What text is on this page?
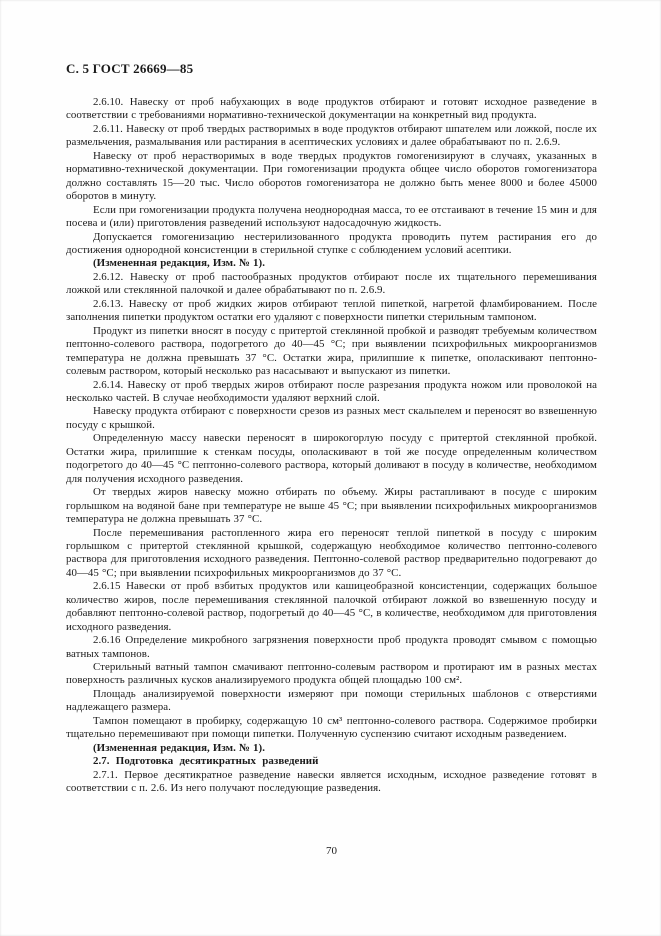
С. 5 ГОСТ 26669—85

2.6.10. Навеску от проб набухающих в воде продуктов отбирают и готовят исходное разведение в соответствии с требованиями нормативно-технической документации на конкретный вид продукта.

2.6.11. Навеску от проб твердых растворимых в воде продуктов отбирают шпателем или ложкой, после их размельчения, размалывания или растирания в асептических условиях и далее обрабатывают по п. 2.6.9.

Навеску от проб нерастворимых в воде твердых продуктов гомогенизируют в случаях, указанных в нормативно-технической документации. При гомогенизации продукта общее число оборотов гомогенизатора должно составлять 15—20 тыс. Число оборотов гомогенизатора не должно быть менее 8000 и более 45000 оборотов в минуту.

Если при гомогенизации продукта получена неоднородная масса, то ее отстаивают в течение 15 мин и для посева и (или) приготовления разведений используют надосадочную жидкость.

Допускается гомогенизацию нестерилизованного продукта проводить путем растирания его до достижения однородной консистенции в стерильной ступке с соблюдением условий асептики.

(Измененная редакция, Изм. № 1).

2.6.12. Навеску от проб пастообразных продуктов отбирают после их тщательного перемешивания ложкой или стеклянной палочкой и далее обрабатывают по п. 2.6.9.

2.6.13. Навеску от проб жидких жиров отбирают теплой пипеткой, нагретой фламбированием. После заполнения пипетки продуктом остатки его удаляют с поверхности пипетки стерильным тампоном.

Продукт из пипетки вносят в посуду с притертой стеклянной пробкой и разводят требуемым количеством пептонно-солевого раствора, подогретого до 40—45 °С; при выявлении психрофильных микроорганизмов температура не должна превышать 37 °С. Остатки жира, прилипшие к пипетке, ополаскивают пептонно-солевым раствором, который несколько раз насасывают и выпускают из пипетки.

2.6.14. Навеску от проб твердых жиров отбирают после разрезания продукта ножом или проволокой на несколько частей. В случае необходимости удаляют верхний слой.

Навеску продукта отбирают с поверхности срезов из разных мест скальпелем и переносят во взвешенную посуду с крышкой.

Определенную массу навески переносят в широкогорлую посуду с притертой стеклянной пробкой. Остатки жира, прилипшие к стенкам посуды, ополаскивают в той же посуде определенным количеством подогретого до 40—45 °С пептонно-солевого раствора, который доливают в посуду в количестве, необходимом для получения исходного разведения.

От твердых жиров навеску можно отбирать по объему. Жиры растапливают в посуде с широким горлышком на водяной бане при температуре не выше 45 °С; при выявлении психрофильных микроорганизмов температура не должна превышать 37 °С.

После перемешивания растопленного жира его переносят теплой пипеткой в посуду с широким горлышком с притертой стеклянной крышкой, содержащую необходимое количество пептонно-солевого раствора для приготовления исходного разведения. Пептонно-солевой раствор предварительно подогревают до 40—45 °С; при выявлении психрофильных микроорганизмов до 37 °С.

2.6.15 Навески от проб взбитых продуктов или кашицеобразной консистенции, содержащих большое количество жиров, после перемешивания стеклянной палочкой отбирают ложкой во взвешенную посуду и добавляют пептонно-солевой раствор, подогретый до 40—45 °С, в количестве, необходимом для приготовления исходного разведения.

2.6.16 Определение микробного загрязнения поверхности проб продукта проводят смывом с помощью ватных тампонов.

Стерильный ватный тампон смачивают пептонно-солевым раствором и протирают им в разных местах поверхность различных кусков анализируемого продукта общей площадью 100 см².

Площадь анализируемой поверхности измеряют при помощи стерильных шаблонов с отверстиями надлежащего размера.

Тампон помещают в пробирку, содержащую 10 см³ пептонно-солевого раствора. Содержимое пробирки тщательно перемешивают при помощи пипетки. Полученную суспензию считают исходным разведением.

(Измененная редакция, Изм. № 1).

2.7. Подготовка десятикратных разведений

2.7.1. Первое десятикратное разведение навески является исходным, исходное разведение готовят в соответствии с п. 2.6. Из него получают последующие разведения.

70
